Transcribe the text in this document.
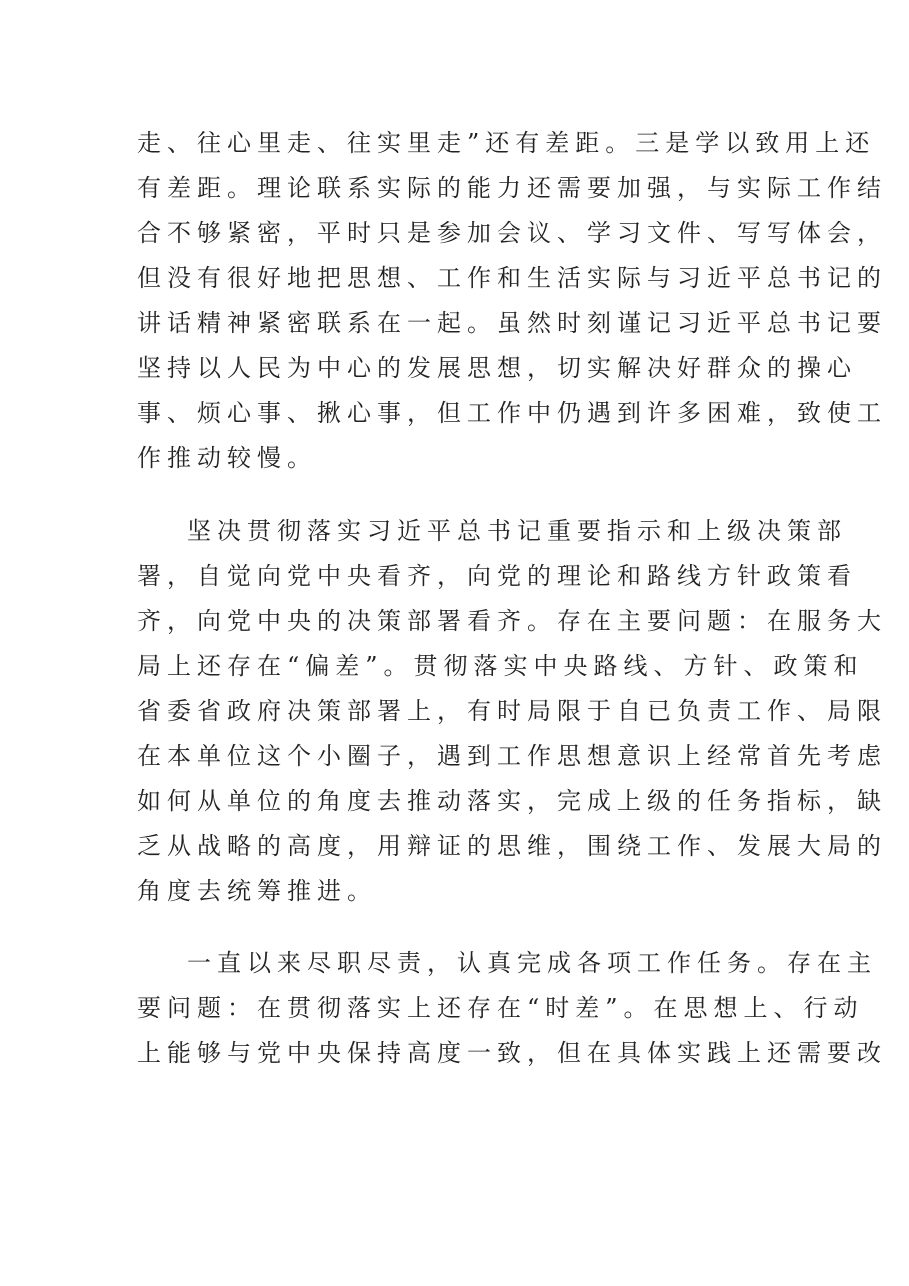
走、往心里走、往实里走”还有差距。三是学以致用上还
有差距。理论联系实际的能力还需要加强，与实际工作结
合不够紧密，平时只是参加会议、学习文件、写写体会，
但没有很好地把思想、工作和生活实际与习近平总书记的
讲话精神紧密联系在一起。虽然时刻谨记习近平总书记要
坚持以人民为中心的发展思想，切实解决好群众的操心
事、烦心事、揪心事，但工作中仍遇到许多困难，致使工
作推动较慢。

坚决贯彻落实习近平总书记重要指示和上级决策部
署，自觉向党中央看齐，向党的理论和路线方针政策看
齐，向党中央的决策部署看齐。存在主要问题：在服务大
局上还存在“偏差”。贯彻落实中央路线、方针、政策和
省委省政府决策部署上，有时局限于自已负责工作、局限
在本单位这个小圈子，遇到工作思想意识上经常首先考虑
如何从单位的角度去推动落实，完成上级的任务指标，缺
乏从战略的高度，用辩证的思维，围绕工作、发展大局的
角度去统筹推进。

一直以来尽职尽责，认真完成各项工作任务。存在主
要问题：在贯彻落实上还存在“时差”。在思想上、行动
上能够与党中央保持高度一致，但在具体实践上还需要改
